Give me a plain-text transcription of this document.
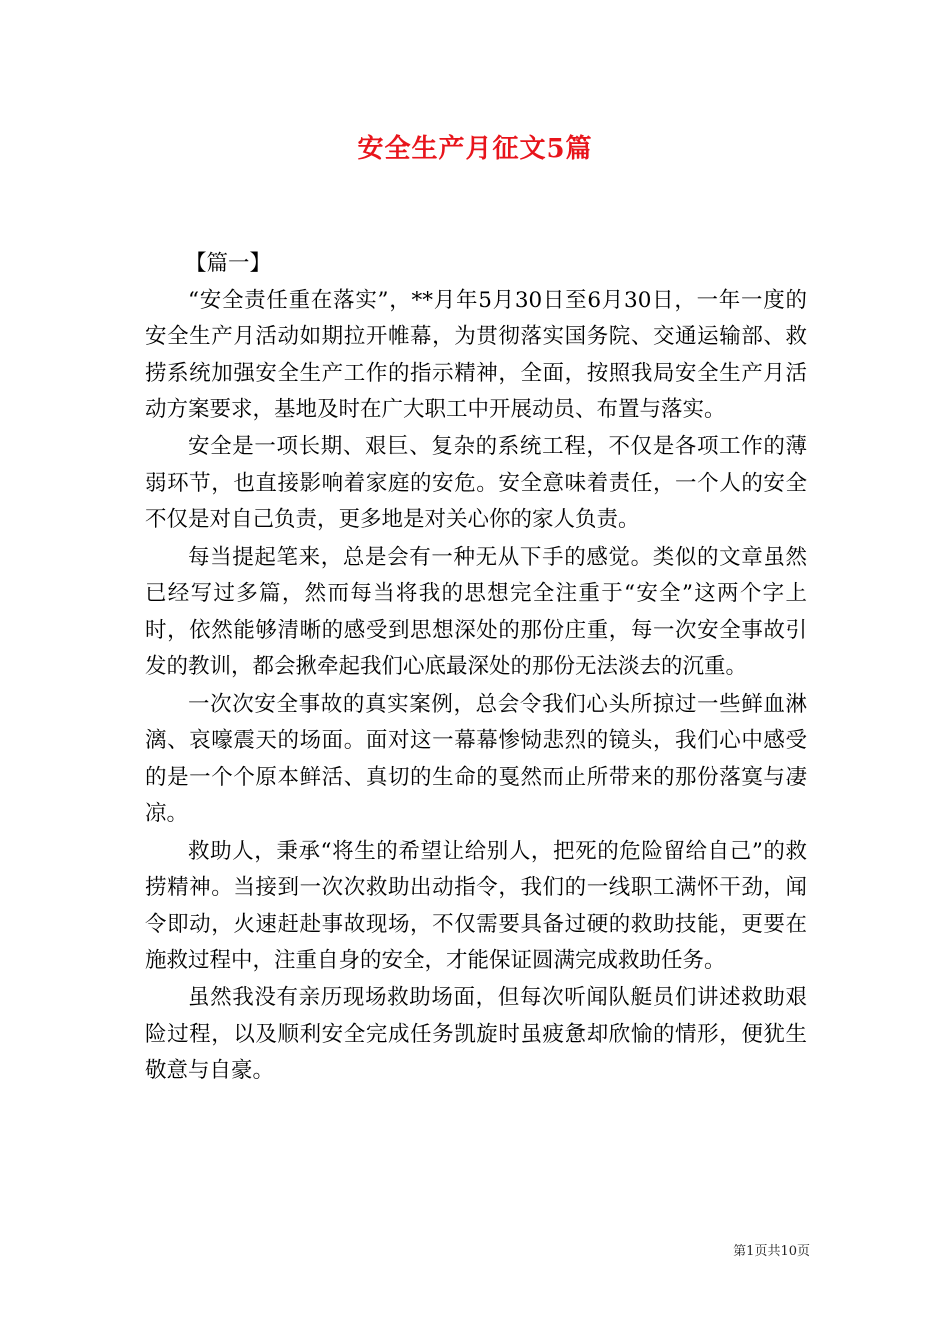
安全生产月征文5篇

【篇一】

“安全责任重在落实”，**月年5月30日至6月30日，一年一度的安全生产月活动如期拉开帷幕，为贯彻落实国务院、交通运输部、救捞系统加强安全生产工作的指示精神，全面，按照我局安全生产月活动方案要求，基地及时在广大职工中开展动员、布置与落实。

安全是一项长期、艰巨、复杂的系统工程，不仅是各项工作的薄弱环节，也直接影响着家庭的安危。安全意味着责任，一个人的安全不仅是对自己负责，更多地是对关心你的家人负责。

每当提起笔来，总是会有一种无从下手的感觉。类似的文章虽然已经写过多篇，然而每当将我的思想完全注重于“安全”这两个字上时，依然能够清晰的感受到思想深处的那份庄重，每一次安全事故引发的教训，都会揪牵起我们心底最深处的那份无法淡去的沉重。

一次次安全事故的真实案例，总会令我们心头所掠过一些鲜血淋漓、哀嚎震天的场面。面对这一幕幕惨恸悲烈的镜头，我们心中感受的是一个个原本鲜活、真切的生命的戛然而止所带来的那份落寞与凄凉。

救助人，秉承“将生的希望让给别人，把死的危险留给自己”的救捞精神。当接到一次次救助出动指令，我们的一线职工满怀干劲，闻令即动，火速赶赴事故现场，不仅需要具备过硬的救助技能，更要在施救过程中，注重自身的安全，才能保证圆满完成救助任务。

虽然我没有亲历现场救助场面，但每次听闻队艇员们讲述救助艰险过程，以及顺利安全完成任务凯旋时虽疲惫却欣愉的情形，便犹生敬意与自豪。

第1页共10页
